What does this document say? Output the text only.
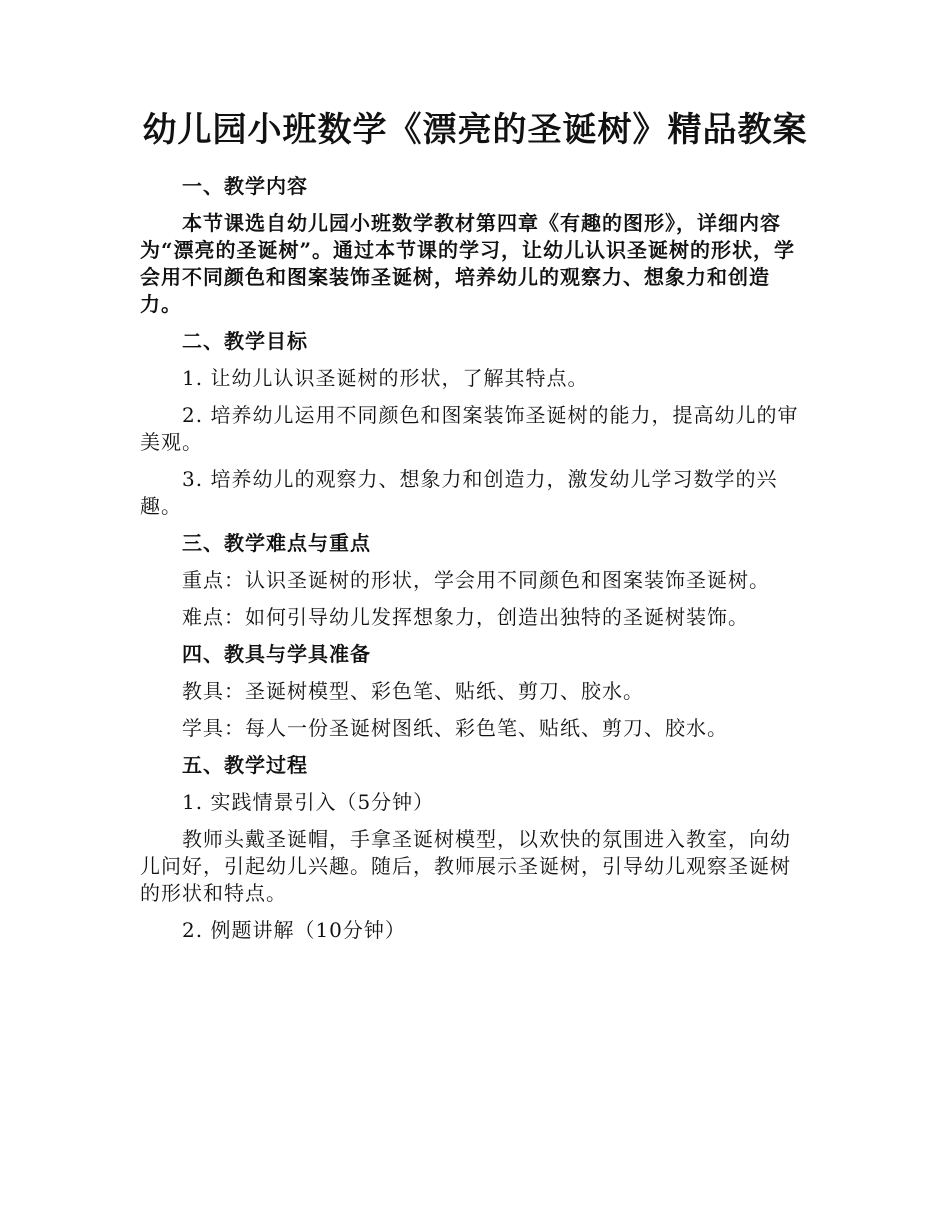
幼儿园小班数学《漂亮的圣诞树》精品教案

一、教学内容

本节课选自幼儿园小班数学教材第四章《有趣的图形》，详细内容为“漂亮的圣诞树”。通过本节课的学习，让幼儿认识圣诞树的形状，学会用不同颜色和图案装饰圣诞树，培养幼儿的观察力、想象力和创造力。

二、教学目标

1. 让幼儿认识圣诞树的形状，了解其特点。

2. 培养幼儿运用不同颜色和图案装饰圣诞树的能力，提高幼儿的审美观。

3. 培养幼儿的观察力、想象力和创造力，激发幼儿学习数学的兴趣。

三、教学难点与重点

重点：认识圣诞树的形状，学会用不同颜色和图案装饰圣诞树。

难点：如何引导幼儿发挥想象力，创造出独特的圣诞树装饰。

四、教具与学具准备

教具：圣诞树模型、彩色笔、贴纸、剪刀、胶水。

学具：每人一份圣诞树图纸、彩色笔、贴纸、剪刀、胶水。

五、教学过程

1. 实践情景引入（5分钟）

教师头戴圣诞帽，手拿圣诞树模型，以欢快的氛围进入教室，向幼儿问好，引起幼儿兴趣。随后，教师展示圣诞树，引导幼儿观察圣诞树的形状和特点。

2. 例题讲解（10分钟）
